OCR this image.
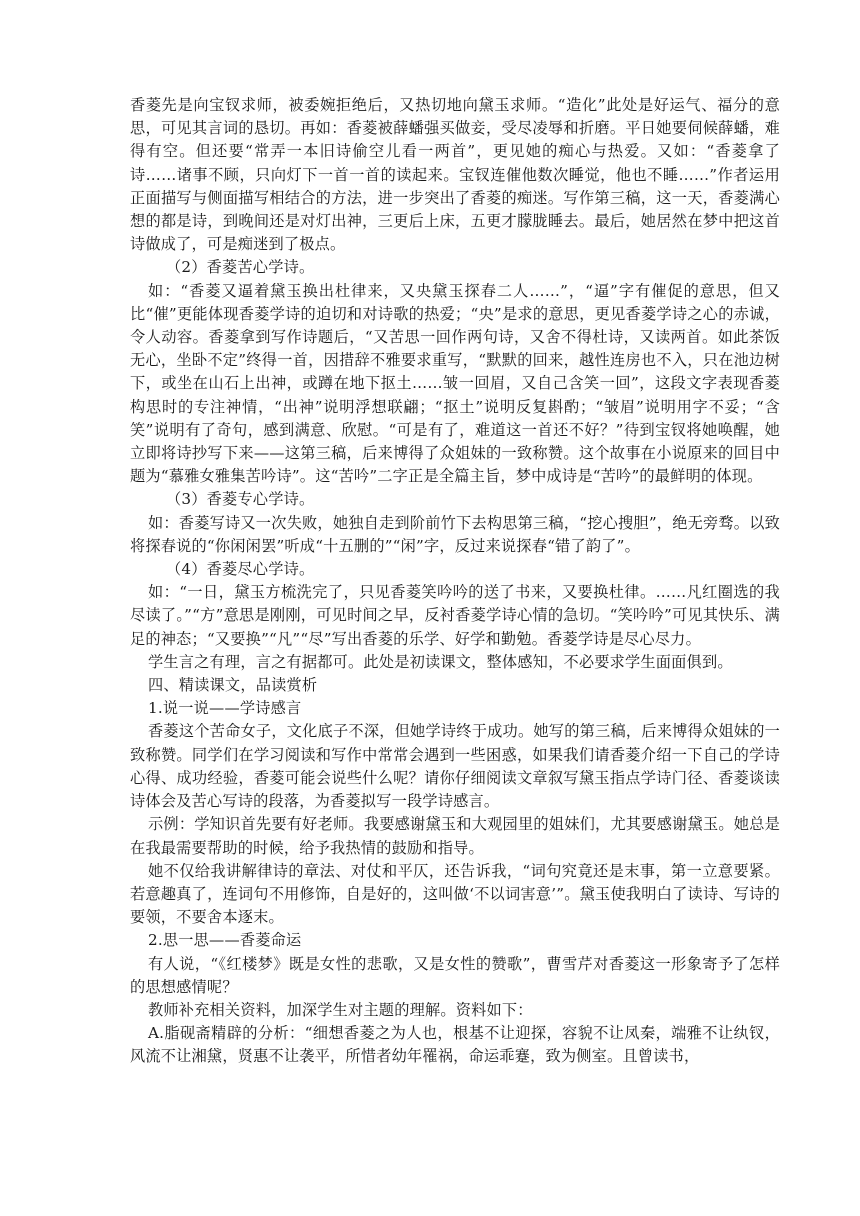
香菱先是向宝钗求师，被委婉拒绝后，又热切地向黛玉求师。“造化”此处是好运气、福分的意思，可见其言词的恳切。再如：香菱被薛蟠强买做妾，受尽凌辱和折磨。平日她要伺候薛蟠，难得有空。但还要“常弄一本旧诗偷空儿看一两首”，更见她的痴心与热爱。又如：“香菱拿了诗……诸事不顾，只向灯下一首一首的读起来。宝钗连催他数次睡觉，他也不睡……”作者运用正面描写与侧面描写相结合的方法，进一步突出了香菱的痴迷。写作第三稿，这一天，香菱满心想的都是诗，到晚间还是对灯出神，三更后上床，五更才朦胧睡去。最后，她居然在梦中把这首诗做成了，可是痴迷到了极点。

（2）香菱苦心学诗。

如：“香菱又逼着黛玉换出杜律来，又央黛玉探春二人……”，“逼”字有催促的意思，但又比“催”更能体现香菱学诗的迫切和对诗歌的热爱；“央”是求的意思，更见香菱学诗之心的赤诚，令人动容。香菱拿到写作诗题后，“又苦思一回作两句诗，又舍不得杜诗，又读两首。如此茶饭无心，坐卧不定”终得一首，因措辞不雅要求重写，“默默的回来，越性连房也不入，只在池边树下，或坐在山石上出神，或蹲在地下抠土……皱一回眉，又自己含笑一回”，这段文字表现香菱构思时的专注神情，“出神”说明浮想联翩；“抠土”说明反复斟酌；“皱眉”说明用字不妥；“含笑”说明有了奇句，感到满意、欣慰。“可是有了，难道这一首还不好？”待到宝钗将她唤醒，她立即将诗抄写下来——这第三稿，后来博得了众姐妹的一致称赞。这个故事在小说原来的回目中题为“慕雅女雅集苦吟诗”。这“苦吟”二字正是全篇主旨，梦中成诗是“苦吟”的最鲜明的体现。

（3）香菱专心学诗。

如：香菱写诗又一次失败，她独自走到阶前竹下去构思第三稿，“挖心搜胆”，绝无旁骛。以致将探春说的“你闲闲罢”听成“十五删的”“闲”字，反过来说探春“错了韵了”。

（4）香菱尽心学诗。

如：“一日，黛玉方梳洗完了，只见香菱笑吟吟的送了书来，又要换杜律。……凡红圈选的我尽读了。”“方”意思是刚刚，可见时间之早，反衬香菱学诗心情的急切。“笑吟吟”可见其快乐、满足的神态；“又要换”“凡”“尽”写出香菱的乐学、好学和勤勉。香菱学诗是尽心尽力。

学生言之有理，言之有据都可。此处是初读课文，整体感知，不必要求学生面面俱到。

四、精读课文，品读赏析

1.说一说——学诗感言

香菱这个苦命女子，文化底子不深，但她学诗终于成功。她写的第三稿，后来博得众姐妹的一致称赞。同学们在学习阅读和写作中常常会遇到一些困惑，如果我们请香菱介绍一下自己的学诗心得、成功经验，香菱可能会说些什么呢？请你仔细阅读文章叙写黛玉指点学诗门径、香菱谈读诗体会及苦心写诗的段落，为香菱拟写一段学诗感言。

示例：学知识首先要有好老师。我要感谢黛玉和大观园里的姐妹们，尤其要感谢黛玉。她总是在我最需要帮助的时候，给予我热情的鼓励和指导。

她不仅给我讲解律诗的章法、对仗和平仄，还告诉我，“词句究竟还是末事，第一立意要紧。若意趣真了，连词句不用修饰，自是好的，这叫做‘不以词害意’”。黛玉使我明白了读诗、写诗的要领，不要舍本逐末。

2.思一思——香菱命运

有人说，“《红楼梦》既是女性的悲歌，又是女性的赞歌”，曹雪芹对香菱这一形象寄予了怎样的思想感情呢？

教师补充相关资料，加深学生对主题的理解。资料如下：

A.脂砚斋精辟的分析：“细想香菱之为人也，根基不让迎探，容貌不让凤秦，端雅不让纨钗，风流不让湘黛，贤惠不让袭平，所惜者幼年罹祸，命运乖蹇，致为侧室。且曾读书，
